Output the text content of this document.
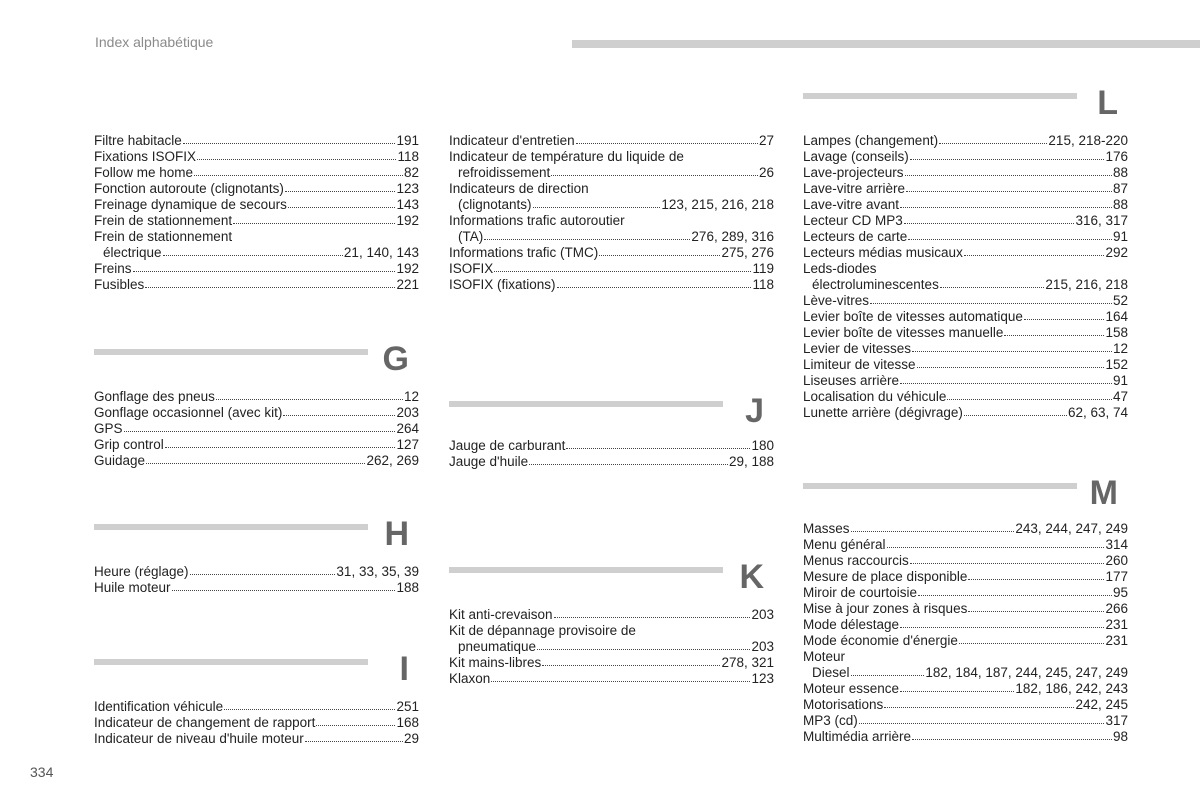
Index alphabétique
Filtre habitacle	191
Fixations ISOFIX	118
Follow me home	82
Fonction autoroute (clignotants)	123
Freinage dynamique de secours	143
Frein de stationnement	192
Frein de stationnement
électrique	21, 140, 143
Freins	192
Fusibles	221
G
Gonflage des pneus	12
Gonflage occasionnel (avec kit)	203
GPS	264
Grip control	127
Guidage	262, 269
H
Heure (réglage)	31, 33, 35, 39
Huile moteur	188
I
Identification véhicule	251
Indicateur de changement de rapport	168
Indicateur de niveau d'huile moteur	29
Indicateur d'entretien	27
Indicateur de température du liquide de
refroidissement	26
Indicateurs de direction
(clignotants)	123, 215, 216, 218
Informations trafic autoroutier
(TA)	276, 289, 316
Informations trafic (TMC)	275, 276
ISOFIX	119
ISOFIX (fixations)	118
J
Jauge de carburant	180
Jauge d'huile	29, 188
K
Kit anti-crevaison	203
Kit de dépannage provisoire de
pneumatique	203
Kit mains-libres	278, 321
Klaxon	123
L
Lampes (changement)	215, 218-220
Lavage (conseils)	176
Lave-projecteurs	88
Lave-vitre arrière	87
Lave-vitre avant	88
Lecteur CD MP3	316, 317
Lecteurs de carte	91
Lecteurs médias musicaux	292
Leds-diodes
électroluminescentes	215, 216, 218
Lève-vitres	52
Levier boîte de vitesses automatique	164
Levier boîte de vitesses manuelle	158
Levier de vitesses	12
Limiteur de vitesse	152
Liseuses arrière	91
Localisation du véhicule	47
Lunette arrière (dégivrage)	62, 63, 74
M
Masses	243, 244, 247, 249
Menu général	314
Menus raccourcis	260
Mesure de place disponible	177
Miroir de courtoisie	95
Mise à jour zones à risques	266
Mode délestage	231
Mode économie d'énergie	231
Moteur
Diesel	182, 184, 187, 244, 245, 247, 249
Moteur essence	182, 186, 242, 243
Motorisations	242, 245
MP3 (cd)	317
Multimédia arrière	98
334
